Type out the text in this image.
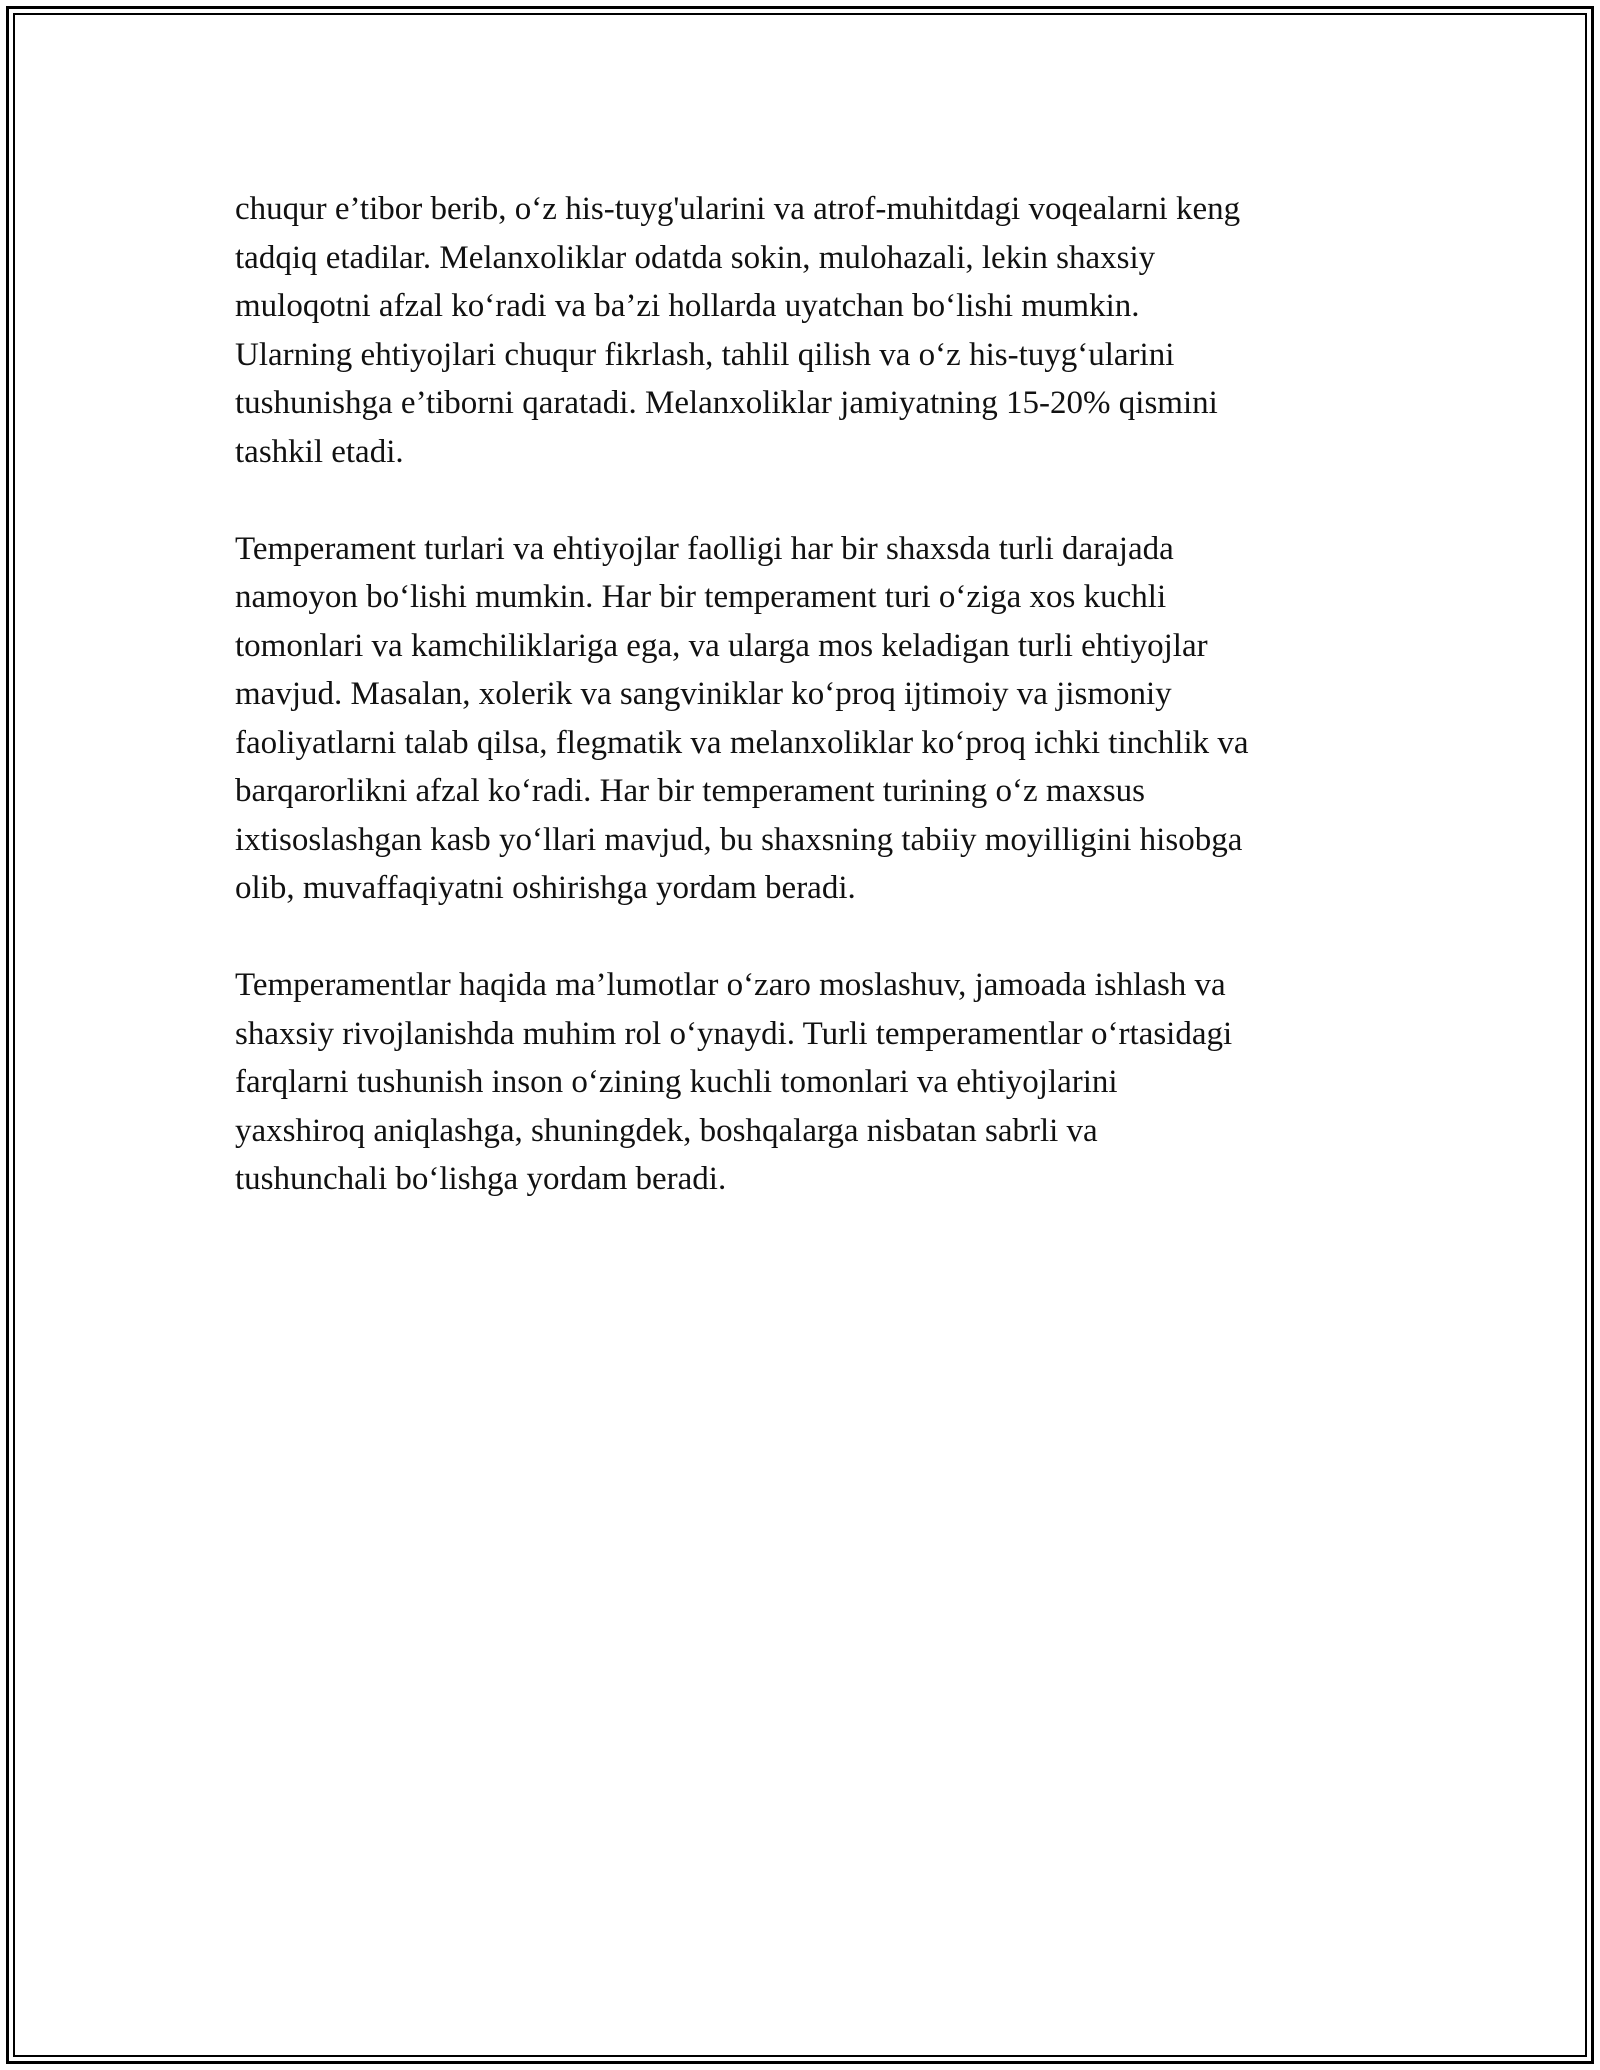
chuqur e’tibor berib, o‘z his-tuyg'ularini va atrof-muhitdagi voqealarni keng
tadqiq etadilar. Melanxoliklar odatda sokin, mulohazali, lekin shaxsiy
muloqotni afzal ko‘radi va ba’zi hollarda uyatchan bo‘lishi mumkin.
Ularning ehtiyojlari chuqur fikrlash, tahlil qilish va o‘z his-tuyg‘ularini
tushunishga e’tiborni qaratadi. Melanxoliklar jamiyatning 15-20% qismini
tashkil etadi.

Temperament turlari va ehtiyojlar faolligi har bir shaxsda turli darajada
namoyon bo‘lishi mumkin. Har bir temperament turi o‘ziga xos kuchli
tomonlari va kamchiliklariga ega, va ularga mos keladigan turli ehtiyojlar
mavjud. Masalan, xolerik va sangviniklar ko‘proq ijtimoiy va jismoniy
faoliyatlarni talab qilsa, flegmatik va melanxoliklar ko‘proq ichki tinchlik va
barqarorlikni afzal ko‘radi. Har bir temperament turining o‘z maxsus
ixtisoslashgan kasb yo‘llari mavjud, bu shaxsning tabiiy moyilligini hisobga
olib, muvaffaqiyatni oshirishga yordam beradi.

Temperamentlar haqida ma’lumotlar o‘zaro moslashuv, jamoada ishlash va
shaxsiy rivojlanishda muhim rol o‘ynaydi. Turli temperamentlar o‘rtasidagi
farqlarni tushunish inson o‘zining kuchli tomonlari va ehtiyojlarini
yaxshiroq aniqlashga, shuningdek, boshqalarga nisbatan sabrli va
tushunchali bo‘lishga yordam beradi.
